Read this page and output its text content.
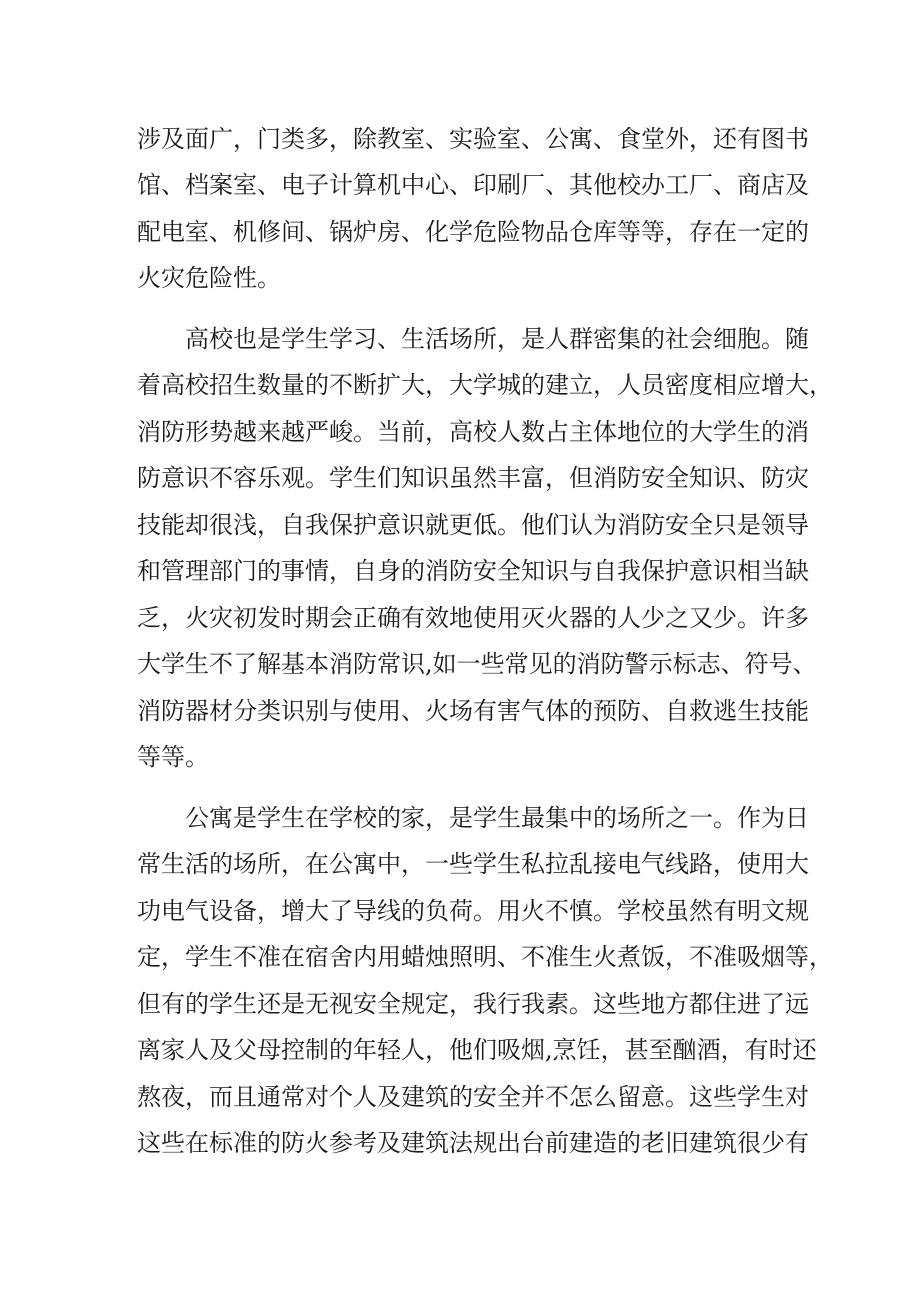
涉及面广，门类多，除教室、实验室、公寓、食堂外，还有图书
馆、档案室、电子计算机中心、印刷厂、其他校办工厂、商店及
配电室、机修间、锅炉房、化学危险物品仓库等等，存在一定的
火灾危险性。
高校也是学生学习、生活场所，是人群密集的社会细胞。随
着高校招生数量的不断扩大，大学城的建立，人员密度相应增大，
消防形势越来越严峻。当前，高校人数占主体地位的大学生的消
防意识不容乐观。学生们知识虽然丰富，但消防安全知识、防灾
技能却很浅，自我保护意识就更低。他们认为消防安全只是领导
和管理部门的事情，自身的消防安全知识与自我保护意识相当缺
乏，火灾初发时期会正确有效地使用灭火器的人少之又少。许多
大学生不了解基本消防常识,如一些常见的消防警示标志、符号、
消防器材分类识别与使用、火场有害气体的预防、自救逃生技能
等等。
公寓是学生在学校的家，是学生最集中的场所之一。作为日
常生活的场所，在公寓中，一些学生私拉乱接电气线路，使用大
功电气设备，增大了导线的负荷。用火不慎。学校虽然有明文规
定，学生不准在宿舍内用蜡烛照明、不准生火煮饭，不准吸烟等，
但有的学生还是无视安全规定，我行我素。这些地方都住进了远
离家人及父母控制的年轻人，他们吸烟,烹饪，甚至酗酒，有时还
熬夜，而且通常对个人及建筑的安全并不怎么留意。这些学生对
这些在标准的防火参考及建筑法规出台前建造的老旧建筑很少有
